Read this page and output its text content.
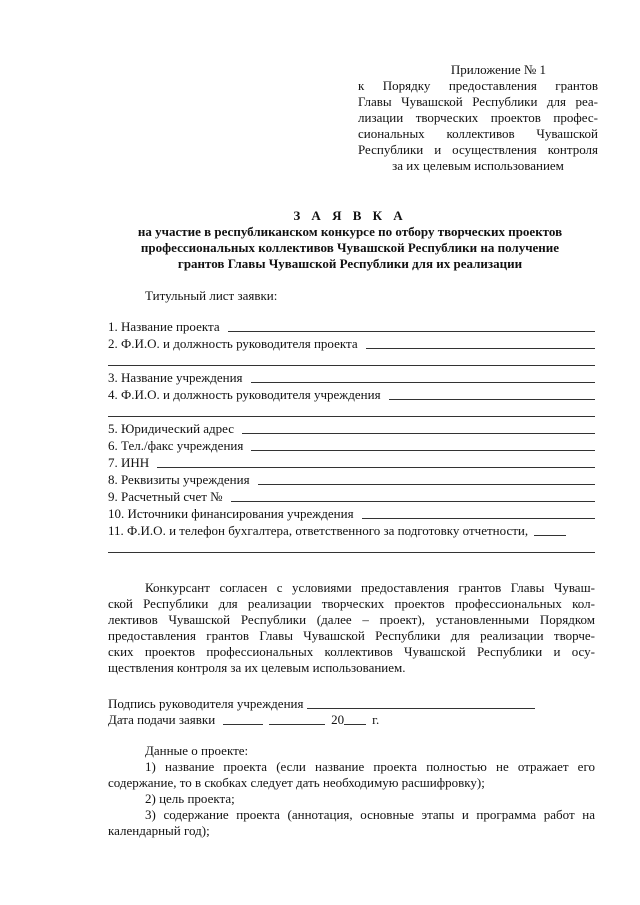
Приложение № 1
к Порядку предоставления грантов
Главы Чувашской Республики для реа-
лизации творческих проектов профес-
сиональных коллективов Чувашской
Республики и осуществления контроля
за их целевым использованием
З А Я В К А
на участие в республиканском конкурсе по отбору творческих проектов
профессиональных коллективов Чувашской Республики на получение
грантов Главы Чувашской Республики для их реализации
Титульный лист заявки:
1. Название проекта
2. Ф.И.О. и должность руководителя проекта
3. Название учреждения
4. Ф.И.О. и должность руководителя учреждения
5. Юридический адрес
6. Тел./факс учреждения
7. ИНН
8. Реквизиты учреждения
9. Расчетный счет №
10. Источники финансирования учреждения
11. Ф.И.О. и телефон бухгалтера, ответственного за подготовку отчетности,
Конкурсант согласен с условиями предоставления грантов Главы Чуваш-
ской Республики для реализации творческих проектов профессиональных кол-
лективов Чувашской Республики (далее – проект), установленными Порядком
предоставления грантов Главы Чувашской Республики для реализации творче-
ских проектов профессиональных коллективов Чувашской Республики и осу-
ществления контроля за их целевым использованием.
Подпись руководителя учреждения
Дата подачи заявки	20 г.
Данные о проекте:
1) название проекта (если название проекта полностью не отражает его
содержание, то в скобках следует дать необходимую расшифровку);
2) цель проекта;
3) содержание проекта (аннотация, основные этапы и программа работ на
календарный год);
